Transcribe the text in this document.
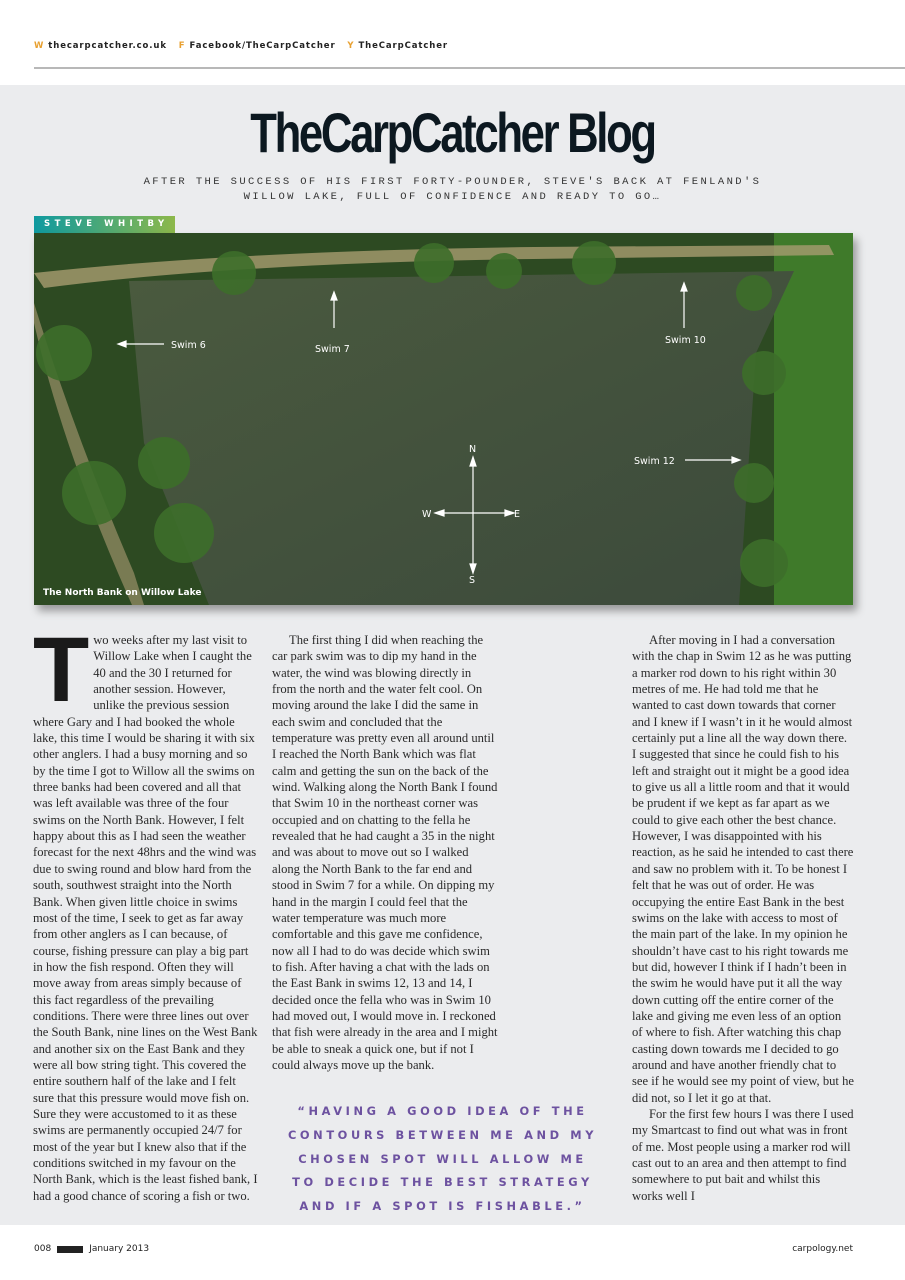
W thecarpcatcher.co.uk F Facebook/TheCarpCatcher Y TheCarpCatcher
TheCarpCatcher Blog
AFTER THE SUCCESS OF HIS FIRST FORTY-POUNDER, STEVE'S BACK AT FENLAND'S
WILLOW LAKE, FULL OF CONFIDENCE AND READY TO GO…
STEVE WHITBY
Swim 6	Swim 7
Swim 10
Swim 12
N
S
W	E
The North Bank on Willow Lake
T wo weeks after my last visit to Willow Lake when I caught the 40 and the 30 I returned for another session. However, unlike the previous session where Gary and I had booked the whole lake, this time I would be sharing it with six other anglers. I had a busy morning and so by the time I got to Willow all the swims on three banks had been covered and all that was left available was three of the four swims on the North Bank. However, I felt happy about this as I had seen the weather forecast for the next 48hrs and the wind was due to swing round and blow hard from the south, southwest straight into the North Bank. When given little choice in swims most of the time, I seek to get as far away from other anglers as I can because, of course, fishing pressure can play a big part in how the fish respond. Often they will move away from areas simply because of this fact regardless of the prevailing conditions. There were three lines out over the South Bank, nine lines on the West Bank and another six on the East Bank and they were all bow string tight. This covered the entire southern half of the lake and I felt sure that this pressure would move fish on. Sure they were accustomed to it as these swims are permanently occupied 24/7 for most of the year but I knew also that if the conditions switched in my favour on the North Bank, which is the least fished bank, I had a good chance of scoring a fish or two.

The first thing I did when reaching the car park swim was to dip my hand in the water, the wind was blowing directly in from the north and the water felt cool. On moving around the lake I did the same in each swim and concluded that the temperature was pretty even all around until I reached the North Bank which was flat calm and getting the sun on the back of the wind. Walking along the North Bank I found that Swim 10 in the northeast corner was occupied and on chatting to the fella he revealed that he had caught a 35 in the night and was about to move out so I walked along the North Bank to the far end and stood in Swim 7 for a while. On dipping my hand in the margin I could feel that the water temperature was much more comfortable and this gave me confidence, now all I had to do was decide which swim to fish. After having a chat with the lads on the East Bank in swims 12, 13 and 14, I decided once the fella who was in Swim 10 had moved out, I would move in. I reckoned that fish were already in the area and I might be able to sneak a quick one, but if not I could always move up the bank.

After moving in I had a conversation with the chap in Swim 12 as he was putting a marker rod down to his right within 30 metres of me. He had told me that he wanted to cast down towards that corner and I knew if I wasn’t in it he would almost certainly put a line all the way down there. I suggested that since he could fish to his left and straight out it might be a good idea to give us all a little room and that it would be prudent if we kept as far apart as we could to give each other the best chance. However, I was disappointed with his reaction, as he said he intended to cast there and saw no problem with it. To be honest I felt that he was out of order. He was occupying the entire East Bank in the best swims on the lake with access to most of the main part of the lake. In my opinion he shouldn’t have cast to his right towards me but did, however I think if I hadn’t been in the swim he would have put it all the way down cutting off the entire corner of the lake and giving me even less of an option of where to fish. After watching this chap casting down towards me I decided to go around and have another friendly chat to see if he would see my point of view, but he did not, so I let it go at that.

For the first few hours I was there I used my Smartcast to find out what was in front of me. Most people using a marker rod will cast out to an area and then attempt to find somewhere to put bait and whilst this works well I

“HAVING A GOOD IDEA OF THE CONTOURS BETWEEN ME AND MY CHOSEN SPOT WILL ALLOW ME TO DECIDE THE BEST STRATEGY AND IF A SPOT IS FISHABLE.”
008	January 2013	carpology.net
